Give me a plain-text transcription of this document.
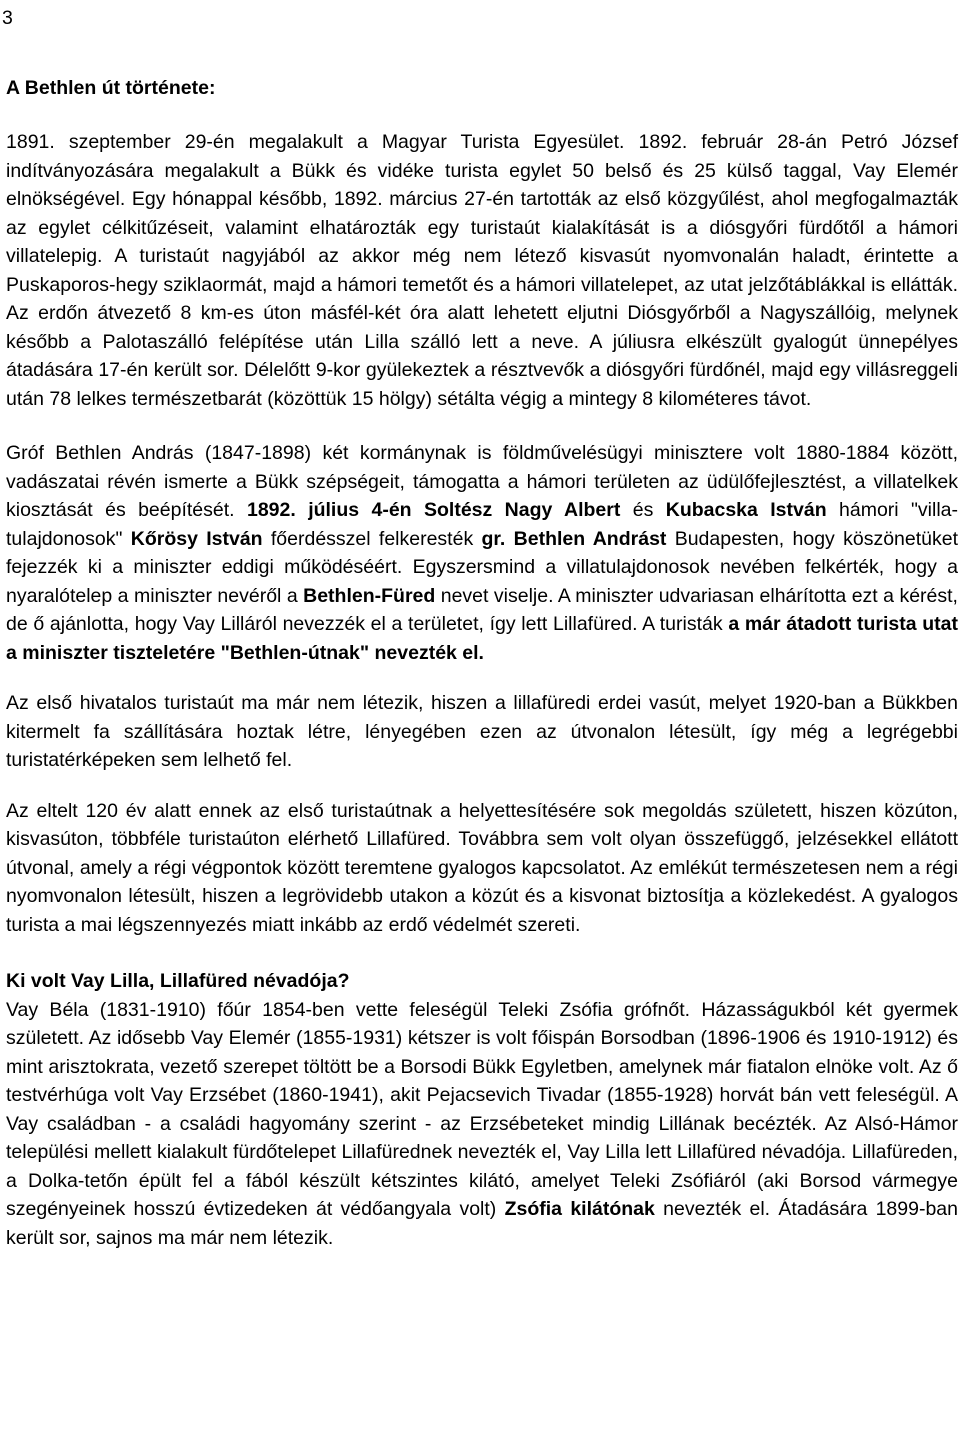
3
A Bethlen út története:

1891. szeptember 29-én megalakult a Magyar Turista Egyesület. 1892. február 28-án Petró József indítványozására megalakult a Bükk és vidéke turista egylet 50 belső és 25 külső taggal, Vay Elemér elnökségével. Egy hónappal később, 1892. március 27-én tartották az első közgyűlést, ahol megfogalmazták az egylet célkitűzéseit, valamint elhatározták egy turistaút kialakítását is a diósgyőri fürdőtől a hámori villatelepig. A turistaút nagyjából az akkor még nem létező kisvasút nyomvonalán haladt, érintette a Puskaporos-hegy sziklaormát, majd a hámori temetőt és a hámori villatelepet, az utat jelzőtáblákkal is ellátták. Az erdőn átvezető 8 km-es úton másfél-két óra alatt lehetett eljutni Diósgyőrből a Nagyszállóig, melynek később a Palotaszálló felépítése után Lilla szálló lett a neve. A júliusra elkészült gyalogút ünnepélyes átadására 17-én került sor. Délelőtt 9-kor gyülekeztek a résztvevők a diósgyőri fürdőnél, majd egy villásreggeli után 78 lelkes természetbarát (közöttük 15 hölgy) sétálta végig a mintegy 8 kilométeres távot.

Gróf Bethlen András (1847-1898) két kormánynak is földművelésügyi minisztere volt 1880-1884 között, vadászatai révén ismerte a Bükk szépségeit, támogatta a hámori területen az üdülőfejlesztést, a villatelkek kiosztását és beépítését. 1892. július 4-én Soltész Nagy Albert és Kubacska István hámori "villa-tulajdonosok" Kőrösy István főerdésszel felkeresték gr. Bethlen Andrást Budapesten, hogy köszönetüket fejezzék ki a miniszter eddigi működéséért. Egyszersmind a villatulajdonosok nevében felkérték, hogy a nyaralótelep a miniszter nevéről a Bethlen-Füred nevet viselje. A miniszter udvariasan elhárította ezt a kérést, de ő ajánlotta, hogy Vay Lilláról nevezzék el a területet, így lett Lillafüred. A turisták a már átadott turista utat a miniszter tiszteletére "Bethlen-útnak" nevezték el.

Az első hivatalos turistaút ma már nem létezik, hiszen a lillafüredi erdei vasút, melyet 1920-ban a Bükkben kitermelt fa szállítására hoztak létre, lényegében ezen az útvonalon létesült, így még a legrégebbi turistatérképeken sem lelhető fel.

Az eltelt 120 év alatt ennek az első turistaútnak a helyettesítésére sok megoldás született, hiszen közúton, kisvasúton, többféle turistaúton elérhető Lillafüred. Továbbra sem volt olyan összefüggő, jelzésekkel ellátott útvonal, amely a régi végpontok között teremtene gyalogos kapcsolatot. Az emlékút természetesen nem a régi nyomvonalon létesült, hiszen a legrövidebb utakon a közút és a kisvonat biztosítja a közlekedést. A gyalogos turista a mai légszennyezés miatt inkább az erdő védelmét szereti.

Ki volt Vay Lilla, Lillafüred névadója?

Vay Béla (1831-1910) főúr 1854-ben vette feleségül Teleki Zsófia grófnőt. Házasságukból két gyermek született. Az idősebb Vay Elemér (1855-1931) kétszer is volt főispán Borsodban (1896-1906 és 1910-1912) és mint arisztokrata, vezető szerepet töltött be a Borsodi Bükk Egyletben, amelynek már fiatalon elnöke volt. Az ő testvérhúga volt Vay Erzsébet (1860-1941), akit Pejacsevich Tivadar (1855-1928) horvát bán vett feleségül. A Vay családban - a családi hagyomány szerint - az Erzsébeteket mindig Lillának becézték. Az Alsó-Hámor települési mellett kialakult fürdőtelepet Lillafürednek nevezték el, Vay Lilla lett Lillafüred névadója. Lillafüreden, a Dolka-tetőn épült fel a fából készült kétszintes kilátó, amelyet Teleki Zsófiáról (aki Borsod vármegye szegényeinek hosszú évtizedeken át védőangyala volt) Zsófia kilátónak nevezték el. Átadására 1899-ban került sor, sajnos ma már nem létezik.
